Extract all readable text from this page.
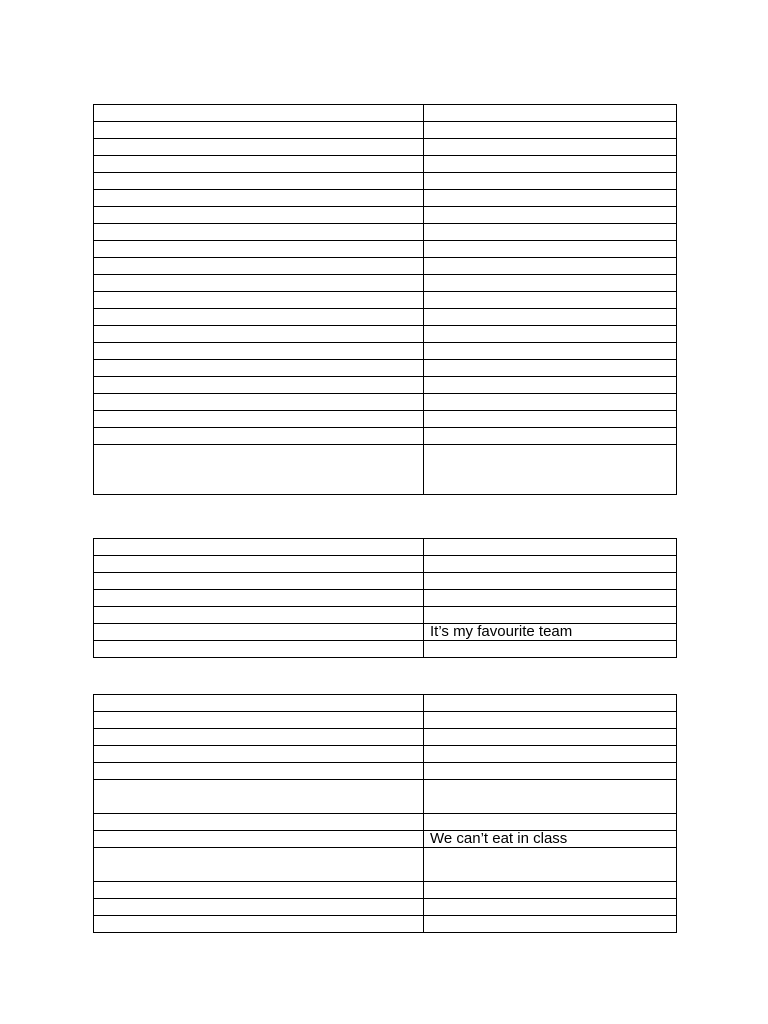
	It’s my favourite team

	We can’t eat in class
